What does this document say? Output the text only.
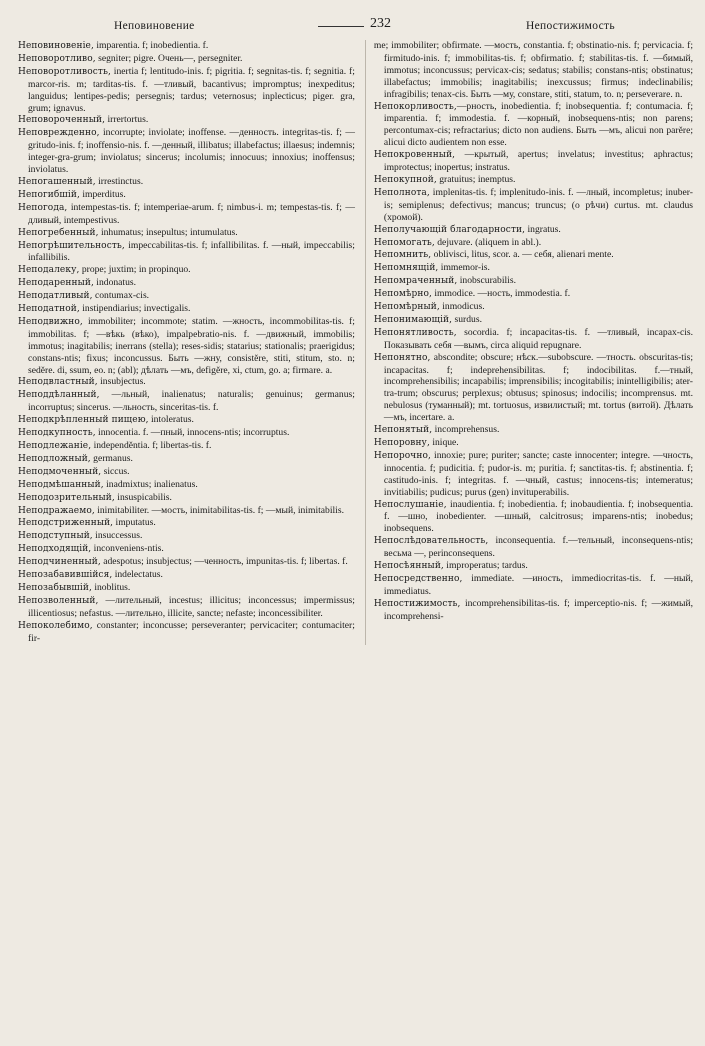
Неповиновение	232	Непостижимость

Неповиновеніе, imparentia. f; inobedientia. f.

Неповоротливо, segniter; pigre. Очень—, persegniter.

Неповоротливость, inertia f; lentitudo-inis. f; pigritia. f; segnitas-tis. f; segnitia. f; marcor-ris. m; tarditas-tis. f. —тливый, bacantivus; impromptus; inexpeditus; languidus; lentipes-pedis; persegnis; tardus; veternosus; inplecticus; piger. gra, grum; ignavus.

Неповороченный, irrertortus.

Неповрежденно, incorrupte; inviolate; inoffense. —денность. integritas-tis. f; —gritudo-inis. f; inoffensio-nis. f. —денный, illibatus; illabefactus; illaesus; indemnis; integer-gra-grum; inviolatus; sincerus; incolumis; innocuus; innoxius; inoffensus; inviolatus.

Непогашенный, irrestinctus.

Непогибшій, imperditus.

Непогода, intempestas-tis. f; intemperiae-arum. f; nimbus-i. m; tempestas-tis. f; —дливый, intempestivus.

Непогребенный, inhumatus; insepultus; intumulatus.

Непогрѣшительность, impeccabilitas-tis. f; infallibilitas. f. —ный, impeccabilis; infallibilis.

Неподалеку, prope; juxtim; in propinquo.

Неподаренный, indonatus.

Неподатливый, contumax-cis.

Неподатной, instipendiarius; invectigalis.

Неподвижно, immobiliter; incommote; statim. —жность, incommobilitas-tis. f; immobilitas. f; —вѣкь (вѣко), impalpebratio-nis. f. —движный, immobilis; immotus; inagitabilis; inerrans (stella); reses-sidis; statarius; stationalis; praerigidus; constans-ntis; fixus; inconcussus. Быть —жну, consistĕre, stiti, stitum, sto. n; sedĕre. di, ssum, eo. n; (abl); дѣлать —мъ, defigĕre, xi, ctum, go. a; firmare. a.

Неподвластный, insubjectus.

Неподдѣланный, —льный, inalienatus; naturalis; genuinus; germanus; incorruptus; sincerus. —льность, sinceritas-tis. f.

Неподкрѣпленный пищею, intoleratus.

Неподкупность, innocentia. f. —пный, innocens-ntis; incorruptus.

Неподлежаніе, independĕntia. f; libertas-tis. f.

Неподложный, germanus.

Неподмоченный, siccus.

Неподмѣшанный, inadmixtus; inalienatus.

Неподозрительный, insuspicabilis.

Неподражаемо, inimitabiliter. —мость, inimitabilitas-tis. f; —мый, inimitabilis.

Неподстриженный, imputatus.

Неподступный, insuccessus.

Неподходящій, inconveniens-ntis.

Неподчиненный, adespotus; insubjectus; —ченность, impunitas-tis. f; libertas. f.

Непозабавившійся, indelectatus.

Непозабывшій, inoblitus.

Непозволенный, —лительный, incestus; illicitus; inconcessus; impermissus; illicentiosus; nefastus. —лительно, illicite, sancte; nefaste; inconcessibiliter.

Непоколебимо, constanter; inconcusse; perseveranter; pervicaciter; contumaciter; fir-

me; immobiliter; obfirmate. —мость, constantia. f; obstinatio-nis. f; pervicacia. f; firmitudo-inis. f; immobilitas-tis. f; obfirmatio. f; stabilitas-tis. f. —бимый, immotus; inconcussus; pervicax-cis; sedatus; stabilis; constans-ntis; obstinatus; illabefactus; immobilis; inagitabilis; inexcussus; firmus; indeclinabilis; infragibilis; tenax-cis. Быть —му, constare, stiti, statum, to. n; perseverare. n.

Непокорливость,—рность, inobedientia. f; inobsequentia. f; contumacia. f; imparentia. f; immodestia. f. —корный, inobsequens-ntis; non parens; percontumax-cis; refractarius; dicto non audiens. Быть —мъ, alicui non parĕre; alicui dicto audientem non esse.

Непокровенный, —крытый, apertus; invelatus; investitus; aphractus; improtectus; inopertus; instratus.

Непокупной, gratuitus; inemptus.

Неполнота, implenitas-tis. f; implenitudo-inis. f. —лный, incompletus; inuber-is; semiplenus; defectivus; mancus; truncus; (о рѣчи) curtus. mt. claudus (хромой).

Неполучающій благодарности, ingratus.

Непомогать, dejuvare. (aliquem in abl.).

Непомнить, oblivisci, litus, scor. a. — себя, alienari mente.

Непомнящій, immemor-is.

Непомраченный, inobscurabilis.

Непомѣрно, immodice. —ность, immodestia. f.

Непомѣрный, inmodicus.

Непонимающій, surdus.

Непонятливость, socordia. f; incapacitas-tis. f. —тливый, incapax-cis. Показывать себя —вымъ, circa aliquid repugnare.

Непонятно, abscondite; obscure; нѣск.—subobscure. —тность. obscuritas-tis; incapacitas. f; indeprehensibilitas. f; indocibilitas. f.—тный, incomprehensibilis; incapabilis; imprensibilis; incogitabilis; inintelligibilis; ater-tra-trum; obscurus; perplexus; obtusus; spinosus; indocilis; incomprensus. mt. nebulosus (туманный); mt. tortuosus, извилистый; mt. tortus (витой). Дѣлать —мъ, incertare. a.

Непонятый, incomprehensus.

Непоровну, inique.

Непорочно, innoxie; pure; puriter; sancte; caste innocenter; integre. —чность, innocentia. f; pudicitia. f; pudor-is. m; puritia. f; sanctitas-tis. f; abstinentia. f; castitudo-inis. f; integritas. f. —чный, castus; innocens-tis; intemeratus; invitiabilis; pudicus; purus (gen) invituperabilis.

Непослушаніе, inaudientia. f; inobedientia. f; inobaudientia. f; inobsequentia. f. —шно, inobedienter. —шный, calcitrosus; imparens-ntis; inobedus; inobsequens.

Непослѣдовательность, inconsequentia. f.—тельный, inconsequens-ntis; весьма —, perinconsequens.

Непосѣянный, improperatus; tardus.

Непосредственно, immediate. —иность, immediocritas-tis. f. —ный, immediatus.

Непостижимость, incomprehensibilitas-tis. f; imperceptio-nis. f; —жимый, incomprehensi-
